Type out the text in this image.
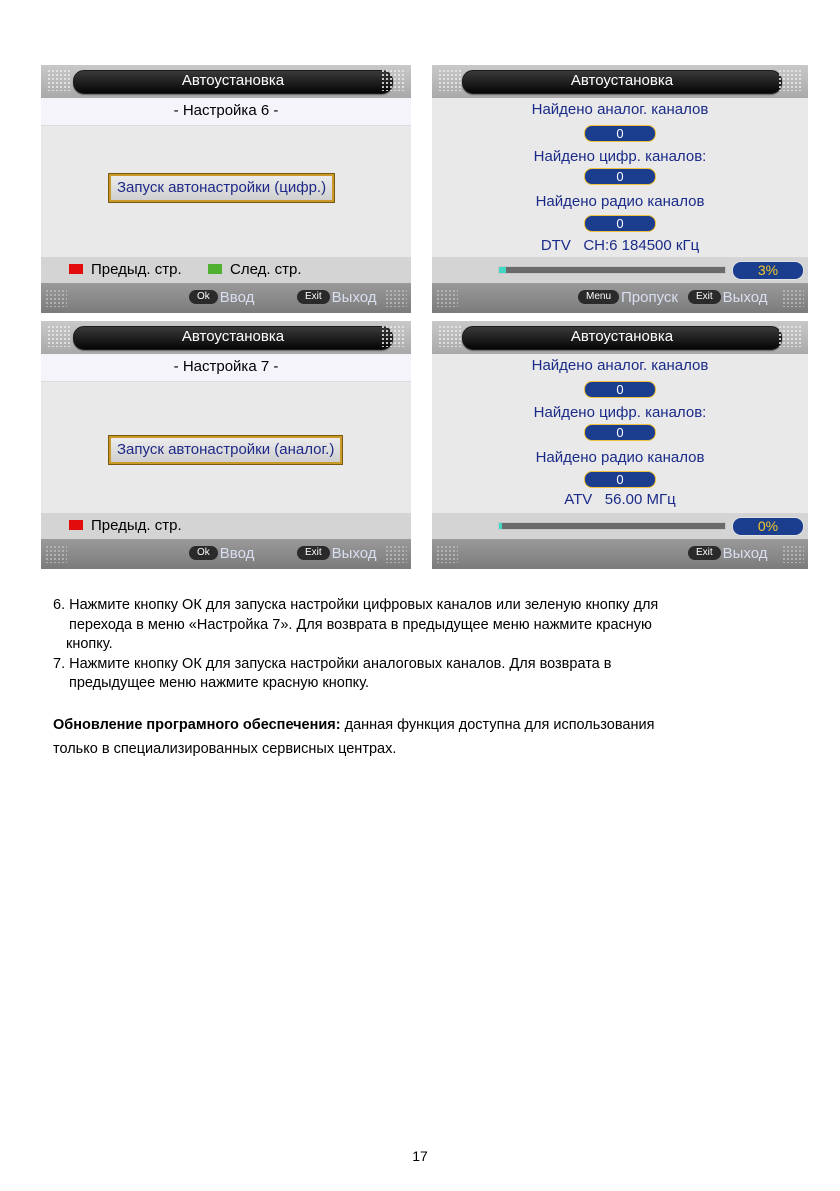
Автоустановка
- Настройка 6 -
Запуск автонастройки (цифр.)
Предыд. стр.	След. стр.
Ok Ввод	Exit Выход
Автоустановка
Найдено аналог. каналов
0
Найдено цифр. каналов:
0
Найдено радио каналов
0
DTV   CH:6 184500 кГц
3%
Menu Пропуск	Exit Выход
Автоустановка
- Настройка 7 -
Запуск автонастройки (аналог.)
Предыд. стр.
Ok Ввод	Exit Выход
Автоустановка
Найдено аналог. каналов
0
Найдено цифр. каналов:
0
Найдено радио каналов
0
ATV   56.00 МГц
0%
Exit Выход

6. Нажмите кнопку ОК для запуска настройки цифровых каналов или зеленую кнопку для

перехода в меню «Настройка 7». Для возврата в предыдущее меню нажмите красную

кнопку.

7. Нажмите кнопку ОК для запуска настройки аналоговых каналов. Для возврата в

предыдущее меню нажмите красную кнопку.

Обновление програмного обеспечения: данная функция доступна для использования
только в специализированных сервисных центрах.
17
